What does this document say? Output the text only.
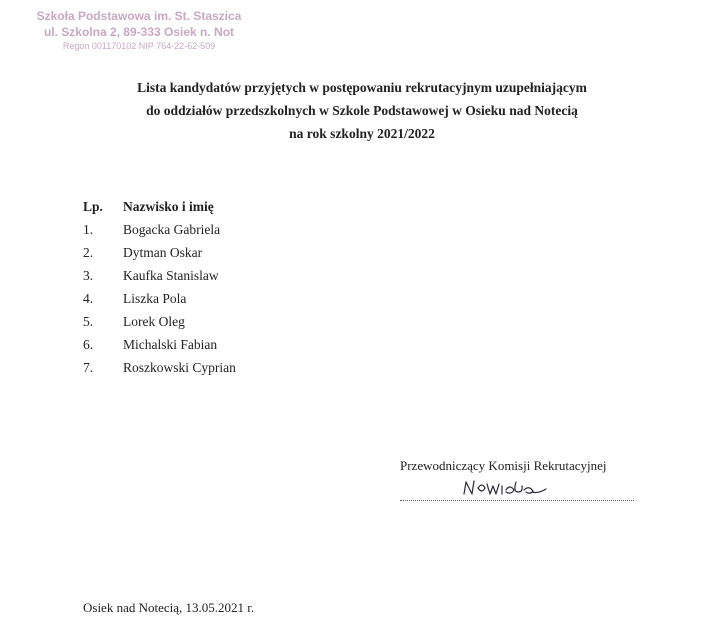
Szkoła Podstawowa im. St. Staszica
ul. Szkolna 2, 89-333 Osiek n. Not
Regon 001170102 NIP 764-22-62-509
Lista kandydatów przyjętych w postępowaniu rekrutacyjnym uzupełniającym
do oddziałów przedszkolnych w Szkole Podstawowej w Osieku nad Notecią
na rok szkolny 2021/2022
Lp.	Nazwisko i imię
1.	Bogacka Gabriela
2.	Dytman Oskar
3.	Kaufka Stanislaw
4.	Liszka Pola
5.	Lorek Oleg
6.	Michalski Fabian
7.	Roszkowski Cyprian
Przewodniczący Komisji Rekrutacyjnej
Osiek nad Notecią, 13.05.2021 r.
